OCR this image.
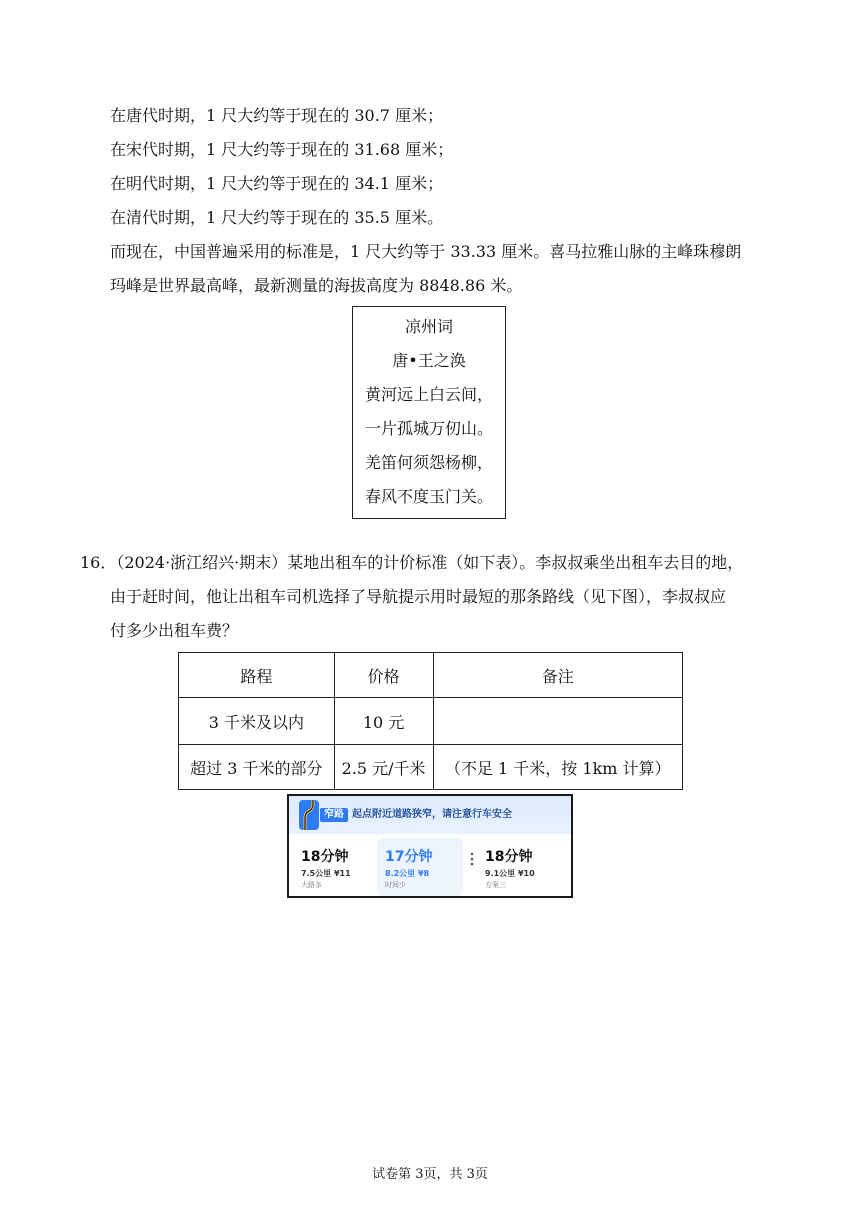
在唐代时期，1 尺大约等于现在的 30.7 厘米；
在宋代时期，1 尺大约等于现在的 31.68 厘米；
在明代时期，1 尺大约等于现在的 34.1 厘米；
在清代时期，1 尺大约等于现在的 35.5 厘米。
而现在，中国普遍采用的标准是，1 尺大约等于 33.33 厘米。喜马拉雅山脉的主峰珠穆朗
玛峰是世界最高峰，最新测量的海拔高度为 8848.86 米。
凉州词
唐•王之涣
黄河远上白云间，
一片孤城万仞山。
羌笛何须怨杨柳，
春风不度玉门关。
16．（2024·浙江绍兴·期末）某地出租车的计价标准（如下表）。李叔叔乘坐出租车去目的地，
由于赶时间，他让出租车司机选择了导航提示用时最短的那条路线（见下图），李叔叔应
付多少出租车费？
路程	价格	备注
3 千米及以内	10 元	
超过 3 千米的部分	2.5 元/千米	（不足 1 千米，按 1km 计算）
窄路 起点附近道路狭窄，请注意行车安全
18分钟
7.5公里 ¥11
大路多
17分钟
8.2公里 ¥8
时间少
18分钟
9.1公里 ¥10
方案三
试卷第 3页，共 3页
